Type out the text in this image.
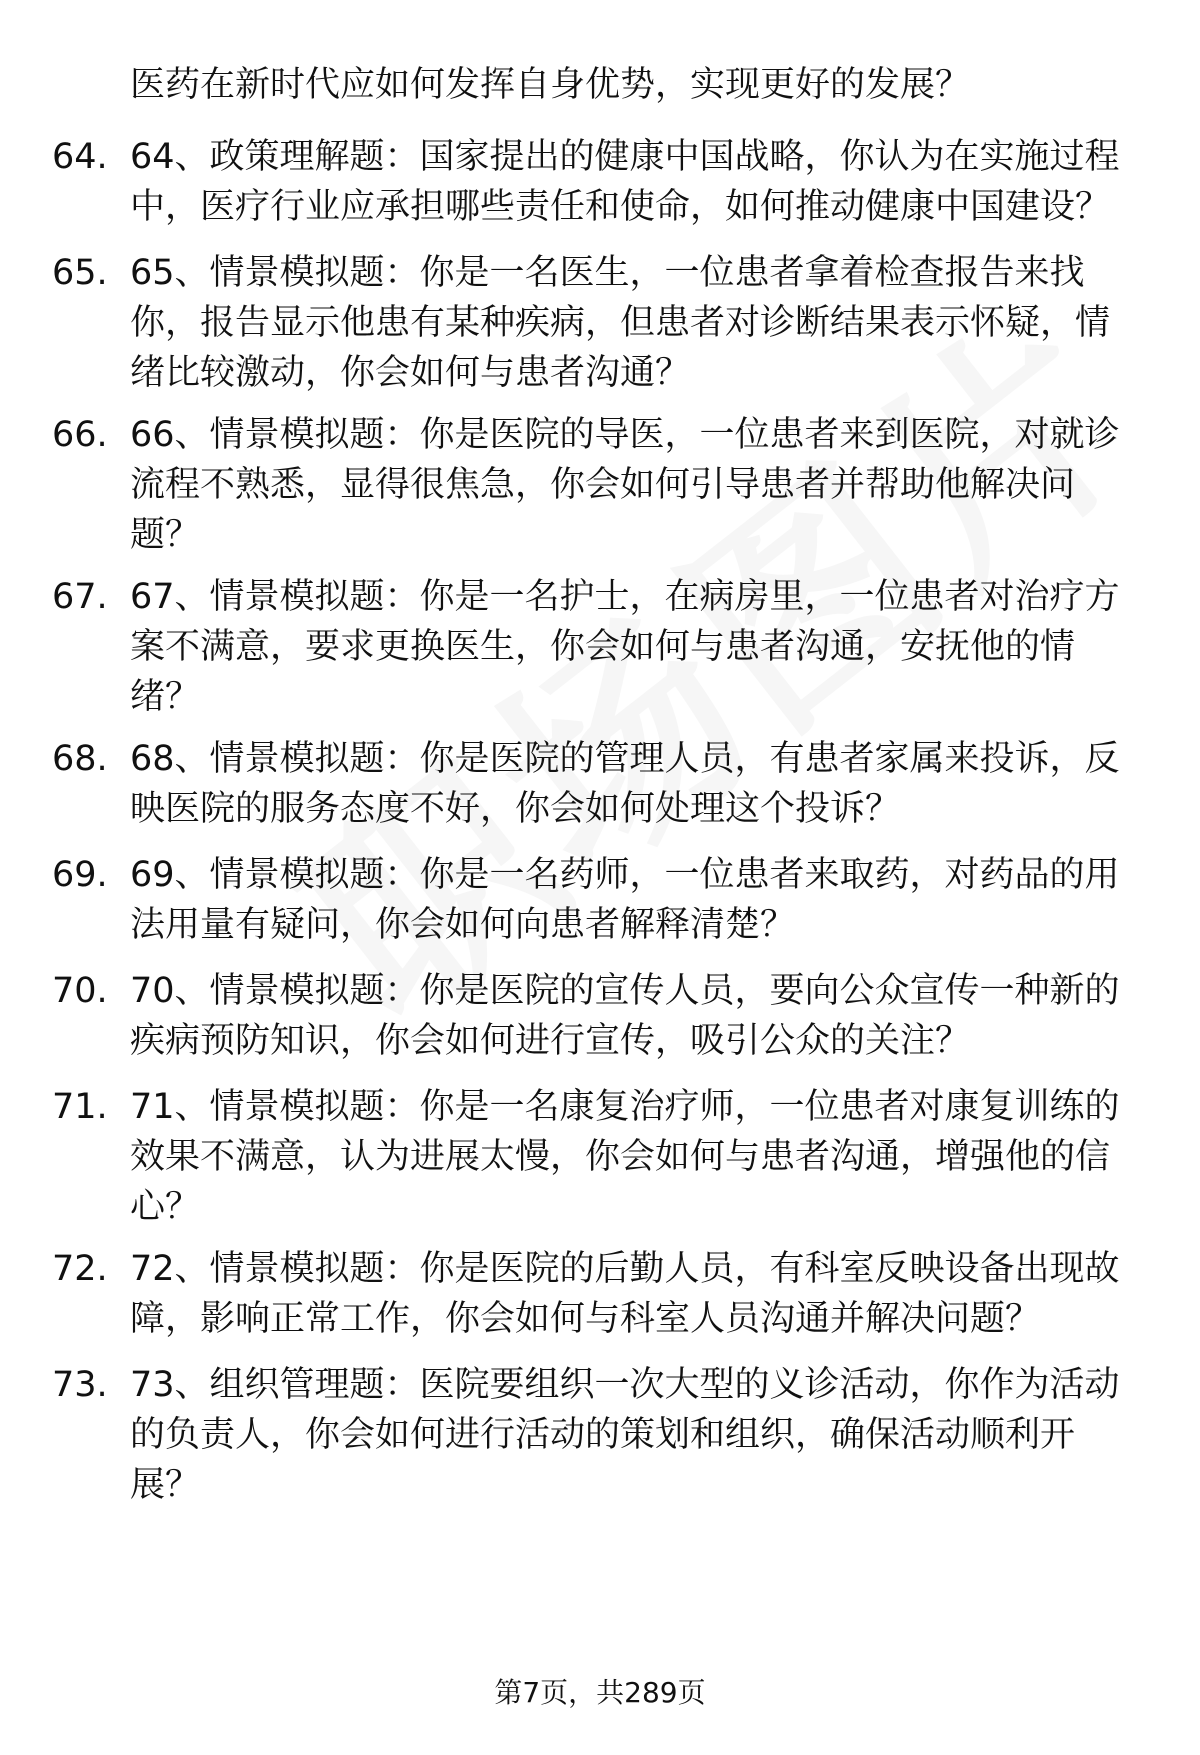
医药在新时代应如何发挥自身优势，实现更好的发展？
64. 64、政策理解题：国家提出的健康中国战略，你认为在实施过程
中，医疗行业应承担哪些责任和使命，如何推动健康中国建设？
65. 65、情景模拟题：你是一名医生，一位患者拿着检查报告来找
你，报告显示他患有某种疾病，但患者对诊断结果表示怀疑，情
绪比较激动，你会如何与患者沟通？
66. 66、情景模拟题：你是医院的导医，一位患者来到医院，对就诊
流程不熟悉，显得很焦急，你会如何引导患者并帮助他解决问
题？
67. 67、情景模拟题：你是一名护士，在病房里，一位患者对治疗方
案不满意，要求更换医生，你会如何与患者沟通，安抚他的情
绪？
68. 68、情景模拟题：你是医院的管理人员，有患者家属来投诉，反
映医院的服务态度不好，你会如何处理这个投诉？
69. 69、情景模拟题：你是一名药师，一位患者来取药，对药品的用
法用量有疑问，你会如何向患者解释清楚？
70. 70、情景模拟题：你是医院的宣传人员，要向公众宣传一种新的
疾病预防知识，你会如何进行宣传，吸引公众的关注？
71. 71、情景模拟题：你是一名康复治疗师，一位患者对康复训练的
效果不满意，认为进展太慢，你会如何与患者沟通，增强他的信
心？
72. 72、情景模拟题：你是医院的后勤人员，有科室反映设备出现故
障，影响正常工作，你会如何与科室人员沟通并解决问题？
73. 73、组织管理题：医院要组织一次大型的义诊活动，你作为活动
的负责人，你会如何进行活动的策划和组织，确保活动顺利开
展？
第7页，共289页
